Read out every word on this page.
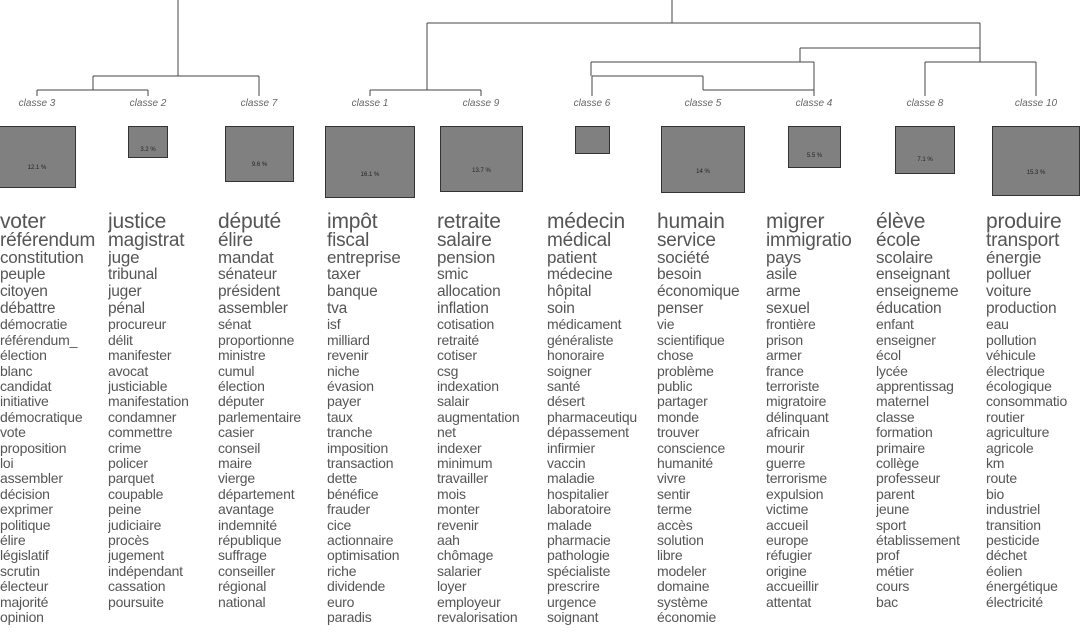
classe 3	classe 2	classe 7	classe 1	classe 9	classe 6	classe 5	classe 4	classe 8	classe 10
12.1 %
3.2 %
9.6 %
16.1 %
13.7 %	14 %
5.5 %
7.1 %
15.3 %
voter
référendum
constitution
peuple
citoyen
débattre
démocratie
référendum_
élection
blanc
candidat
initiative
démocratique
vote
proposition
loi
assembler
décision
exprimer
politique
élire
législatif
scrutin
électeur
majorité
opinion
justice
magistrat
juge
tribunal
juger
pénal
procureur
délit
manifester
avocat
justiciable
manifestation
condamner
commettre
crime
policer
parquet
coupable
peine
judiciaire
procès
jugement
indépendant
cassation
poursuite
député
élire
mandat
sénateur
président
assembler
sénat
proportionne
ministre
cumul
élection
députer
parlementaire
casier
conseil
maire
vierge
département
avantage
indemnité
république
suffrage
conseiller
régional
national
impôt
fiscal
entreprise
taxer
banque
tva
isf
milliard
revenir
niche
évasion
payer
taux
tranche
imposition
transaction
dette
bénéfice
frauder
cice
actionnaire
optimisation
riche
dividende
euro
paradis
retraite
salaire
pension
smic
allocation
inflation
cotisation
retraité
cotiser
csg
indexation
salair
augmentation
net
indexer
minimum
travailler
mois
monter
revenir
aah
chômage
salarier
loyer
employeur
revalorisation
médecin
médical
patient
médecine
hôpital
soin
médicament
généraliste
honoraire
soigner
santé
désert
pharmaceutiqu
dépassement
infirmier
vaccin
maladie
hospitalier
laboratoire
malade
pharmacie
pathologie
spécialiste
prescrire
urgence
soignant
humain
service
société
besoin
économique
penser
vie
scientifique
chose
problème
public
partager
monde
trouver
conscience
humanité
vivre
sentir
terme
accès
solution
libre
modeler
domaine
système
économie
migrer
immigratio
pays
asile
arme
sexuel
frontière
prison
armer
france
terroriste
migratoire
délinquant
africain
mourir
guerre
terrorisme
expulsion
victime
accueil
europe
réfugier
origine
accueillir
attentat
élève
école
scolaire
enseignant
enseigneme
éducation
enfant
enseigner
écol
lycée
apprentissag
maternel
classe
formation
primaire
collège
professeur
parent
jeune
sport
établissement
prof
métier
cours
bac
produire
transport
énergie
polluer
voiture
production
eau
pollution
véhicule
électrique
écologique
consommatio
routier
agriculture
agricole
km
route
bio
industriel
transition
pesticide
déchet
éolien
énergétique
électricité
